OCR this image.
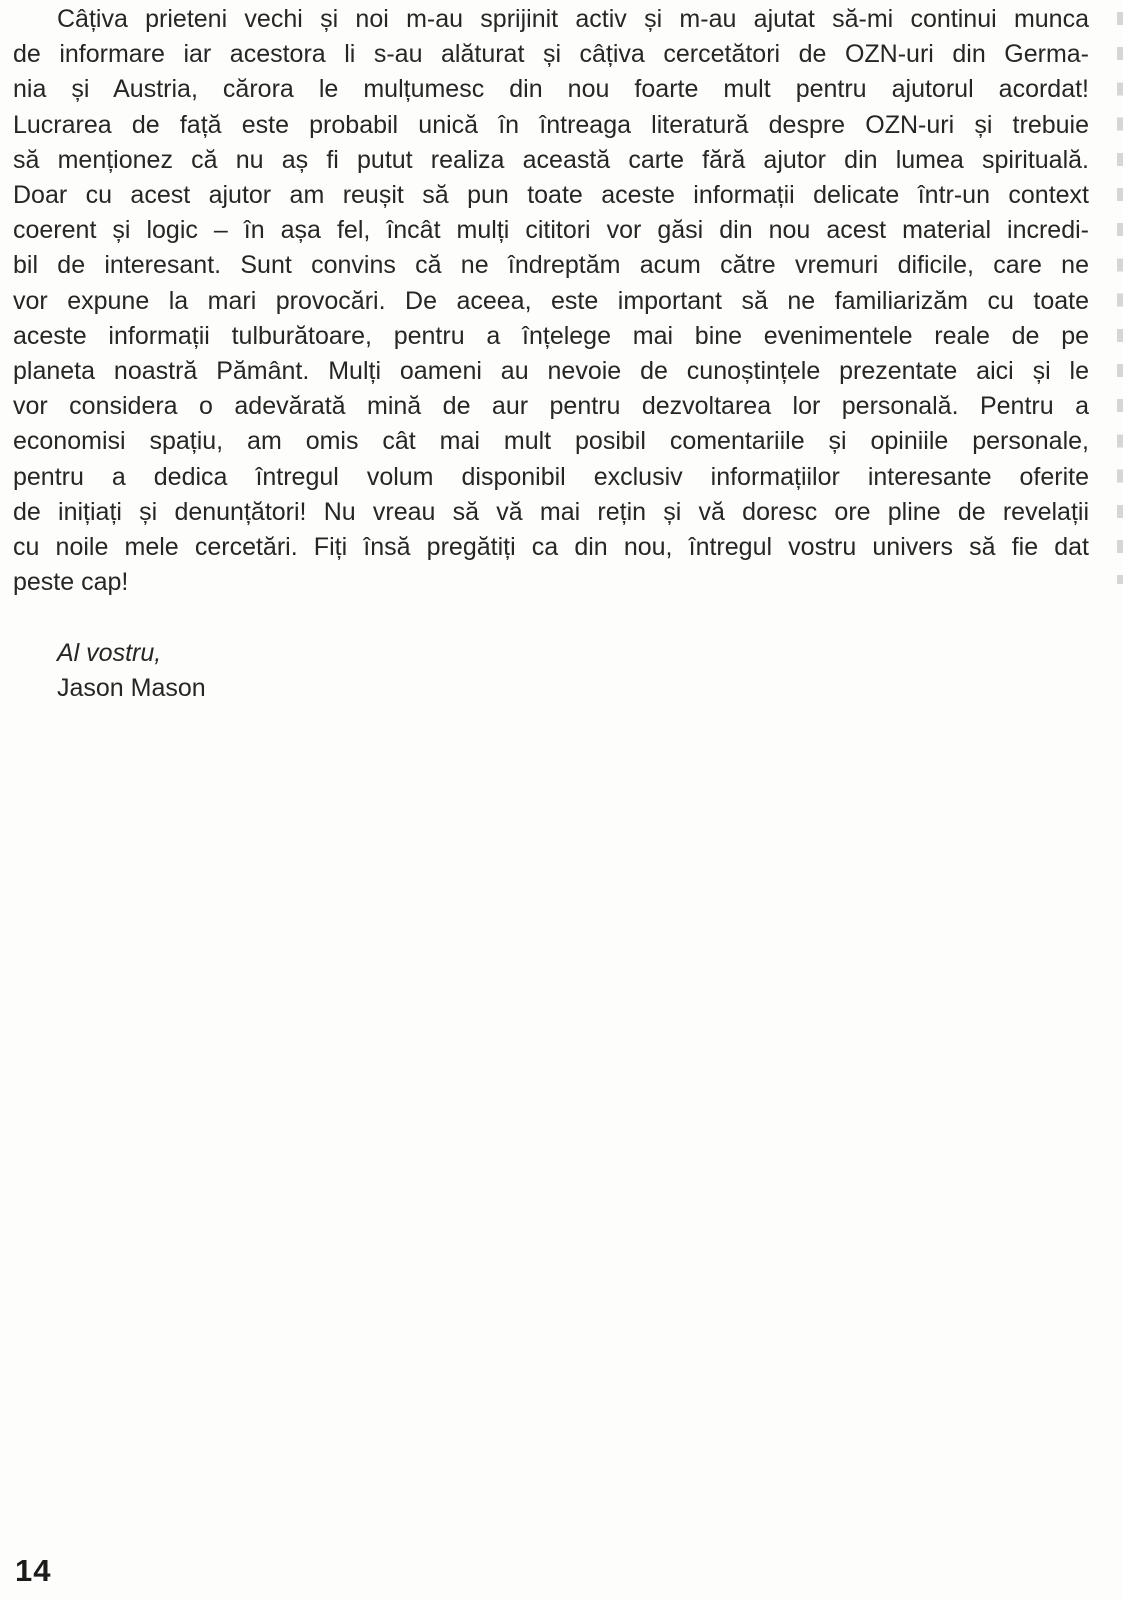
Câțiva prieteni vechi și noi m-au sprijinit activ și m-au ajutat să-mi continui munca

de informare iar acestora li s-au alăturat și câțiva cercetători de OZN-uri din Germa-

nia și Austria, cărora le mulțumesc din nou foarte mult pentru ajutorul acordat!

Lucrarea de față este probabil unică în întreaga literatură despre OZN-uri și trebuie

să menționez că nu aș fi putut realiza această carte fără ajutor din lumea spirituală.

Doar cu acest ajutor am reușit să pun toate aceste informații delicate într-un context

coerent și logic – în așa fel, încât mulți cititori vor găsi din nou acest material incredi-

bil de interesant. Sunt convins că ne îndreptăm acum către vremuri dificile, care ne

vor expune la mari provocări. De aceea, este important să ne familiarizăm cu toate

aceste informații tulburătoare, pentru a înțelege mai bine evenimentele reale de pe

planeta noastră Pământ. Mulți oameni au nevoie de cunoștințele prezentate aici și le

vor considera o adevărată mină de aur pentru dezvoltarea lor personală. Pentru a

economisi spațiu, am omis cât mai mult posibil comentariile și opiniile personale,

pentru a dedica întregul volum disponibil exclusiv informațiilor interesante oferite

de inițiați și denunțători! Nu vreau să vă mai rețin și vă doresc ore pline de revelații

cu noile mele cercetări. Fiți însă pregătiți ca din nou, întregul vostru univers să fie dat

peste cap!

Al vostru,

Jason Mason

14
